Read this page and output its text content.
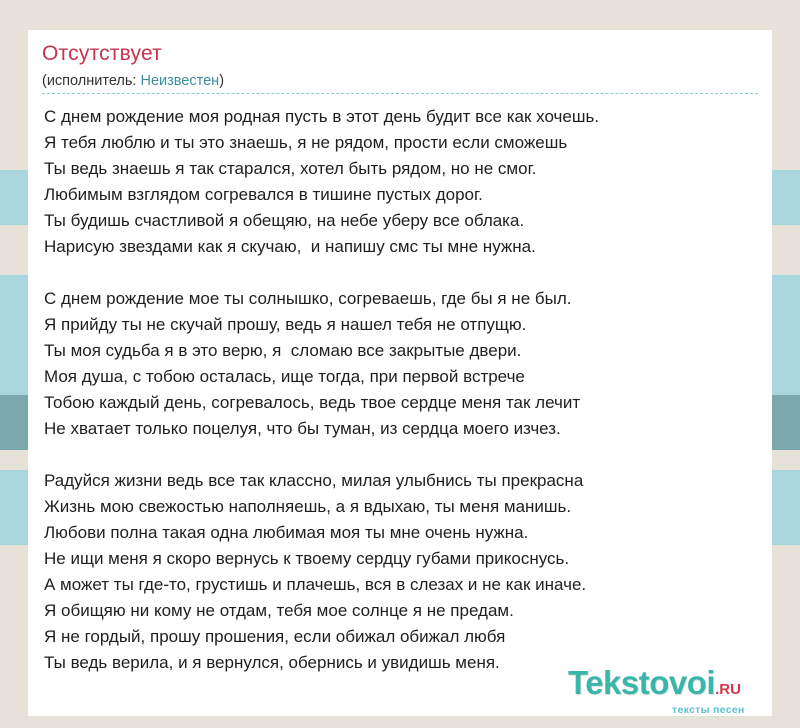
Отсутствует
(исполнитель: Неизвестен)
С днем рождение моя родная пусть в этот день будит все как хочешь.
Я тебя люблю и ты это знаешь, я не рядом, прости если сможешь
Ты ведь знаешь я так старался, хотел быть рядом, но не смог.
Любимым взглядом согревался в тишине пустых дорог.
Ты будишь счастливой я обещяю, на небе уберу все облака.
Нарисую звездами как я скучаю,  и напишу смс ты мне нужна.
С днем рождение мое ты солнышко, согреваешь, где бы я не был.
Я прийду ты не скучай прошу, ведь я нашел тебя не отпущю.
Ты моя судьба я в это верю, я  сломаю все закрытые двери.
Моя душа, с тобою осталась, ище тогда, при первой встрече
Тобою каждый день, согревалось, ведь твое сердце меня так лечит
Не хватает только поцелуя, что бы туман, из сердца моего изчез.
Радуйся жизни ведь все так классно, милая улыбнись ты прекрасна
Жизнь мою свежостью наполняешь, а я вдыхаю, ты меня манишь.
Любови полна такая одна любимая моя ты мне очень нужна.
Не ищи меня я скоро вернусь к твоему сердцу губами прикоснусь.
А может ты где-то, грустишь и плачешь, вся в слезах и не как иначе.
Я обищяю ни кому не отдам, тебя мое солнце я не предам.
Я не гордый, прошу прошения, если обижал обижал любя
Ты ведь верила, и я вернулся, обернись и увидишь меня.
Tekstovoi.RU
тексты песен
